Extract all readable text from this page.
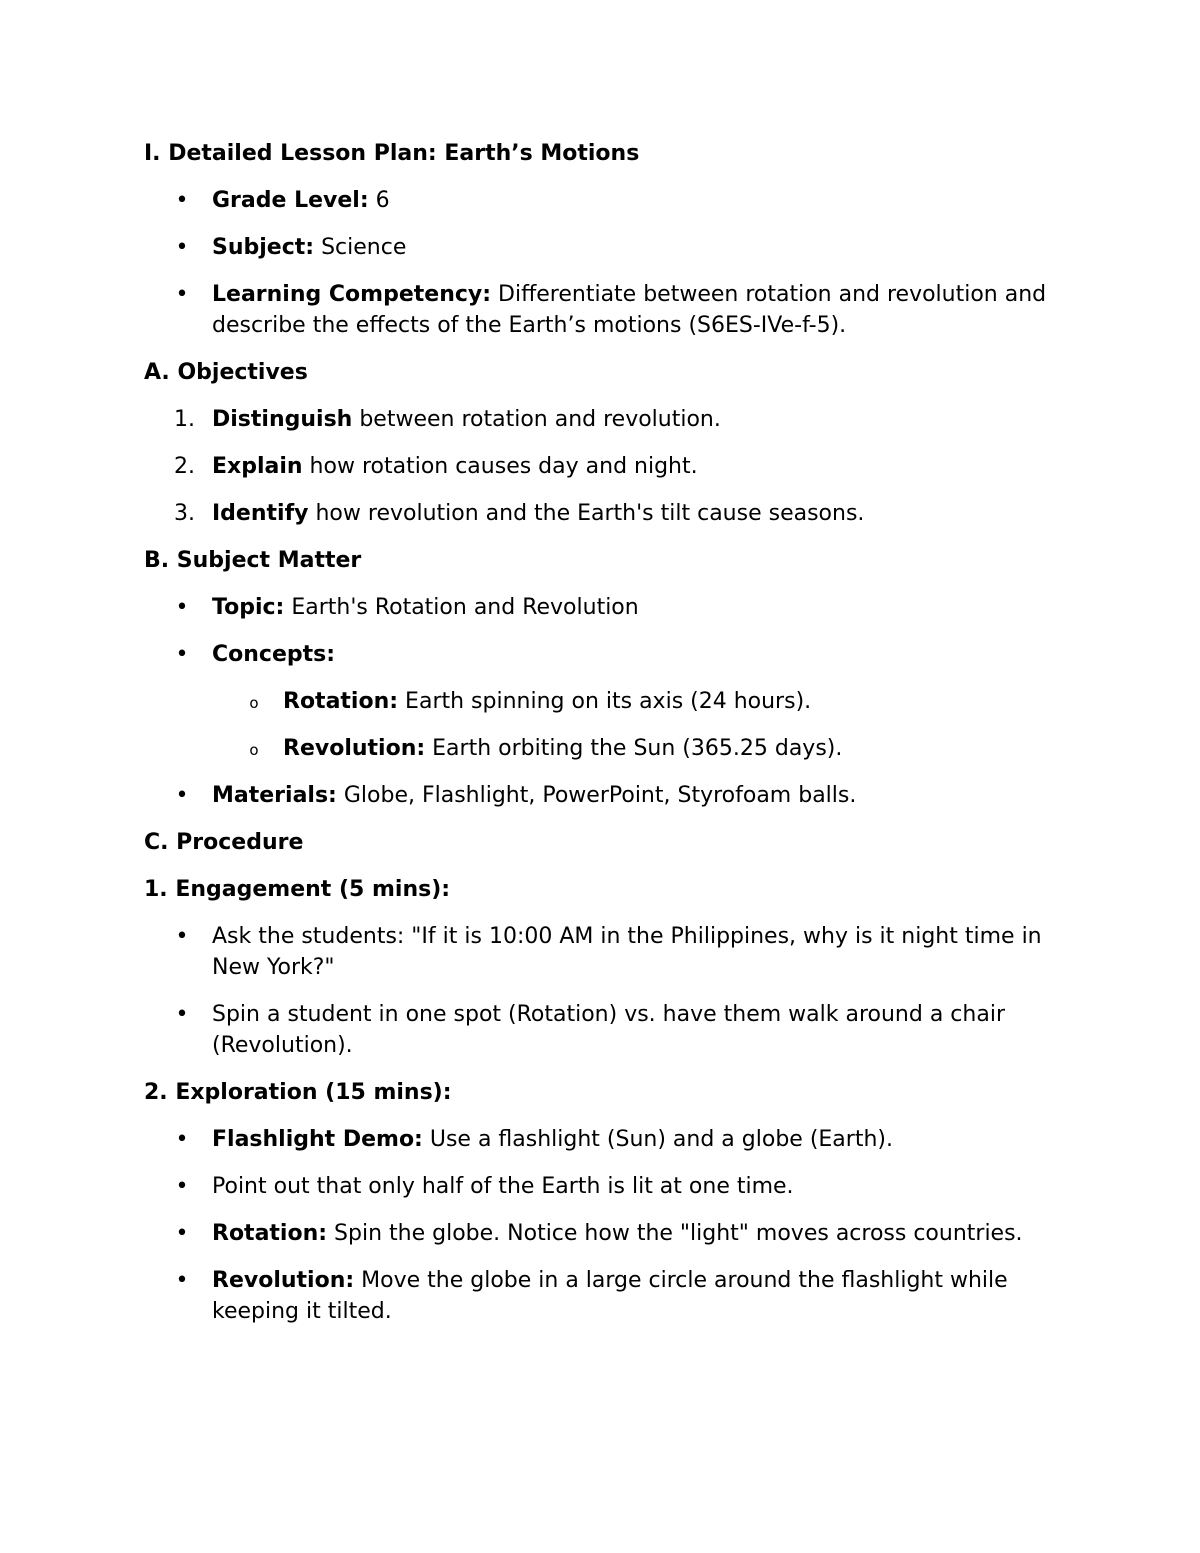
I. Detailed Lesson Plan: Earth’s Motions

• Grade Level: 6
• Subject: Science
• Learning Competency: Differentiate between rotation and revolution and describe the effects of the Earth’s motions (S6ES-IVe-f-5).

A. Objectives

1. Distinguish between rotation and revolution.
2. Explain how rotation causes day and night.
3. Identify how revolution and the Earth's tilt cause seasons.

B. Subject Matter

• Topic: Earth's Rotation and Revolution
• Concepts:
o Rotation: Earth spinning on its axis (24 hours).
o Revolution: Earth orbiting the Sun (365.25 days).
• Materials: Globe, Flashlight, PowerPoint, Styrofoam balls.

C. Procedure

1. Engagement (5 mins):

• Ask the students: "If it is 10:00 AM in the Philippines, why is it night time in New York?"
• Spin a student in one spot (Rotation) vs. have them walk around a chair (Revolution).

2. Exploration (15 mins):

• Flashlight Demo: Use a flashlight (Sun) and a globe (Earth).
• Point out that only half of the Earth is lit at one time.
• Rotation: Spin the globe. Notice how the "light" moves across countries.
• Revolution: Move the globe in a large circle around the flashlight while keeping it tilted.
